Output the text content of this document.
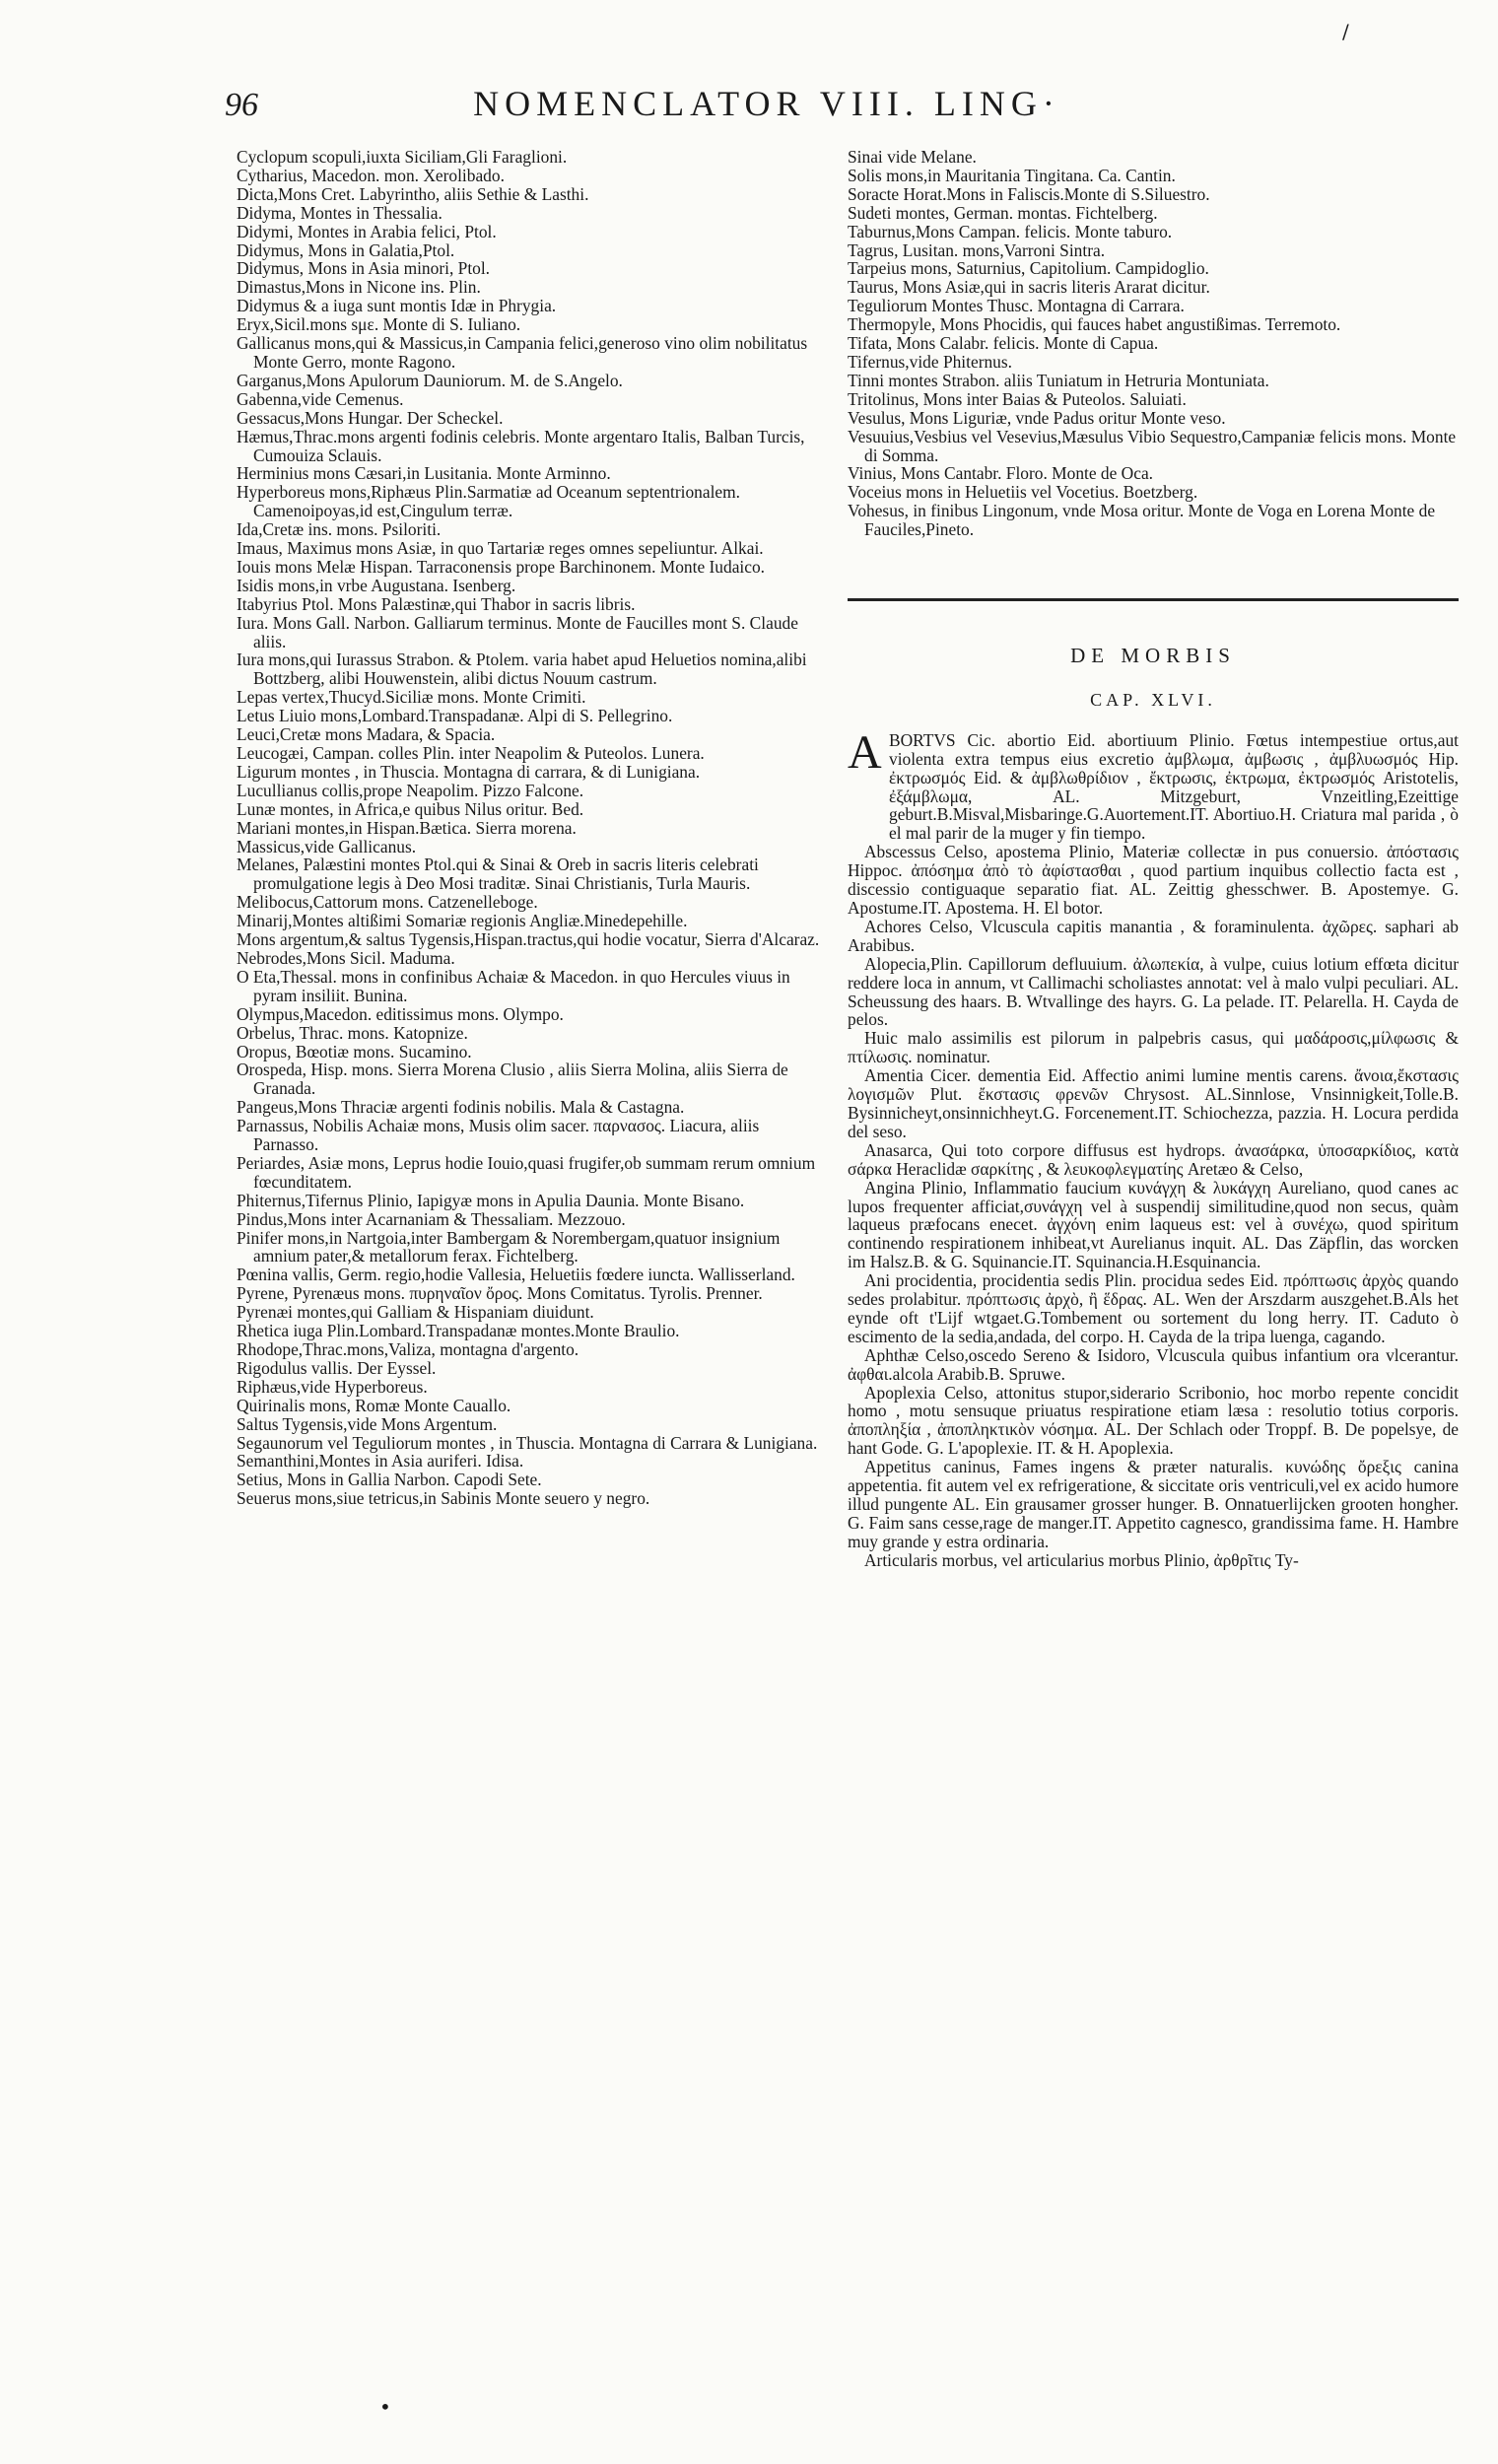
/
96	NOMENCLATOR VIII. LING·

Cyclopum scopuli,iuxta Siciliam,Gli Faraglioni.

Cytharius, Macedon. mon. Xerolibado.

Dicta,Mons Cret. Labyrinthο, aliis Sethie & Lasthi.

Didyma, Montes in Thessalia.

Didymi, Montes in Arabia felici, Ptol.

Didymus, Mons in Galatia,Ptol.

Didymus, Mons in Asia minori, Ptol.

Dimastus,Mons in Nicone ins. Plin.

Didymus & a iuga sunt montis Idæ in Phrygia.

Eryx,Sicil.mons sμε. Monte di S. Iuliano.

Gallicanus mons,qui & Massicus,in Campania felici,generoso vino olim nobilitatus Monte Gerro, monte Ragono.

Garganus,Mons Apulorum Dauniorum. M. de S.Angelo.

Gabenna,vide Cemenus.

Gessacus,Mons Hungar. Der Scheckel.

Hæmus,Thrac.mons argenti fodinis celebris. Monte argentaro Italis, Balban Turcis, Cumouiza Sclauis.

Herminius mons Cæsari,in Lusitania. Monte Arminno.

Hyperboreus mons,Riphæus Plin.Sarmatiæ ad Oceanum septentrionalem. Camenoipoyas,id est,Cingulum terræ.

Ida,Cretæ ins. mons. Psiloriti.

Imaus, Maximus mons Asiæ, in quo Tartariæ reges omnes sepeliuntur. Alkai.

Iouis mons Melæ Hispan. Tarraconensis prope Barchinonem. Monte Iudaico.

Isidis mons,in vrbe Augustana. Isenberg.

Itabyrius Ptol. Mons Palæstinæ,qui Thabor in sacris libris.

Iura. Mons Gall. Narbon. Galliarum terminus. Monte de Faucilles mont S. Claude aliis.

Iura mons,qui Iurassus Strabon. & Ptolem. varia habet apud Heluetios nomina,alibi Bottzberg, alibi Houwenstein, alibi dictus Nouum castrum.

Lepas vertex,Thucyd.Siciliæ mons. Monte Crimiti.

Letus Liuio mons,Lombard.Transpadanæ. Alpi di S. Pellegrino.

Leuci,Cretæ mons Madara, & Spacia.

Leucogæi, Campan. colles Plin. inter Neapolim & Puteolos. Lunera.

Ligurum montes , in Thuscia. Montagna di carrara, & di Lunigiana.

Lucullianus collis,prope Neapolim. Pizzo Falcone.

Lunæ montes, in Africa,e quibus Nilus oritur. Bed.

Mariani montes,in Hispan.Bætica. Sierra morena.

Massicus,vide Gallicanus.

Melanes, Palæstini montes Ptol.qui & Sinai & Oreb in sacris literis celebrati promulgatione legis à Deo Mosi traditæ. Sinai Christianis, Turla Mauris.

Melibocus,Cattorum mons. Catzenelleboge.

Minarij,Montes altißimi Somariæ regionis Angliæ.Minedepehille.

Mons argentum,& saltus Tygensis,Hispan.tractus,qui hodie vocatur, Sierra d'Alcaraz.

Nebrodes,Mons Sicil. Maduma.

O Eta,Thessal. mons in confinibus Achaiæ & Macedon. in quo Hercules viuus in pyram insiliit. Bunina.

Olympus,Macedon. editissimus mons. Olympo.

Orbelus, Thrac. mons. Katopnize.

Oropus, Bœotiæ mons. Sucamino.

Orospeda, Hisp. mons. Sierra Morena Clusio , aliis Sierra Molina, aliis Sierra de Granada.

Pangeus,Mons Thraciæ argenti fodinis nobilis. Mala & Castagna.

Parnassus, Nobilis Achaiæ mons, Musis olim sacer. παρνασος. Liacura, aliis Parnasso.

Periardes, Asiæ mons, Leprus hodie Iouio,quasi frugifer,ob summam rerum omnium fœcunditatem.

Phiternus,Tifernus Plinio, Iapigyæ mons in Apulia Daunia. Monte Bisano.

Pindus,Mons inter Acarnaniam & Thessaliam. Mezzouo.

Pinifer mons,in Nartgoia,inter Bambergam & Norembergam,quatuor insignium amnium pater,& metallorum ferax. Fichtelberg.

Pœnina vallis, Germ. regio,hodie Vallesia, Heluetiis fœdere iuncta. Wallisserland.

Pyrene, Pyrenæus mons. πυρηναῖον ὄρος. Mons Comitatus. Tyrolis. Prenner.

Pyrenæi montes,qui Galliam & Hispaniam diuidunt.

Rhetica iuga Plin.Lombard.Transpadanæ montes.Monte Braulio.

Rhodope,Thrac.mons,Valiza, montagna d'argento.

Rigodulus vallis. Der Eyssel.

Riphæus,vide Hyperboreus.

Quirinalis mons, Romæ Monte Cauallo.

Saltus Tygensis,vide Mons Argentum.

Segaunorum vel Teguliorum montes , in Thuscia. Montagna di Carrara & Lunigiana.

Semanthini,Montes in Asia auriferi. Idisa.

Setius, Mons in Gallia Narbon. Capodi Sete.

Seuerus mons,siue tetricus,in Sabinis Monte seuero y negro.

Sinai vide Melane.

Solis mons,in Mauritania Tingitana. Ca. Cantin.

Soracte Horat.Mons in Faliscis.Monte di S.Siluestro.

Sudeti montes, German. montas. Fichtelberg.

Taburnus,Mons Campan. felicis. Monte taburo.

Tagrus, Lusitan. mons,Varroni Sintra.

Tarpeius mons, Saturnius, Capitolium. Campidoglio.

Taurus, Mons Asiæ,qui in sacris literis Ararat dicitur.

Teguliorum Montes Thusc. Montagna di Carrara.

Thermopyle, Mons Phocidis, qui fauces habet angustißimas. Terremoto.

Tifata, Mons Calabr. felicis. Monte di Capua.

Tifernus,vide Phiternus.

Tinni montes Strabon. aliis Tuniatum in Hetruria Montuniata.

Tritolinus, Mons inter Baias & Puteolos. Saluiati.

Vesulus, Mons Liguriæ, vnde Padus oritur Monte veso.

Vesuuius,Vesbius vel Vesevius,Mæsulus Vibio Sequestro,Campaniæ felicis mons. Monte di Somma.

Vinius, Mons Cantabr. Floro. Monte de Oca.

Voceius mons in Heluetiis vel Vocetius. Boetzberg.

Vohesus, in finibus Lingonum, vnde Mosa oritur. Monte de Voga en Lorena Monte de Fauciles,Pineto.

DE MORBIS
CAP. XLVI.

A BORTVS Cic. abortio Eid. abortiuum Plinio. Fœtus intempestiue ortus,aut violenta extra tempus eius excretio ἀμβλωμα, ἀμβωσις , ἀμβλυωσμός Hip. ἐκτρωσμός Eid. & ἀμβλωθρίδιον , ἔκτρωσις, ἐκτρωμα, ἐκτρωσμός Aristotelis, ἐξάμβλωμα, AL. Mitzgeburt, Vnzeitling,Ezeittige geburt.B.Misval,Misbaringe.G.Auortement.IT. Abortiuo.H. Criatura mal parida , ò el mal parir de la muger y fin tiempo.

Abscessus Celso, apostema Plinio, Materiæ collectæ in pus conuersio. ἀπόστασις Hippoc. ἀπόσημα ἀπὸ τὸ ἀφίστασθαι , quod partium inquibus collectio facta est , discessio contiguaque separatio fiat. AL. Zeittig ghesschwer. B. Apostemye. G. Apostume.IT. Apostema. H. El botor.

Achores Celso, Vlcuscula capitis manantia , & foraminulenta. ἀχῶρες. saphari ab Arabibus.

Alopecia,Plin. Capillorum defluuium. ἀλωπεκία, à vulpe, cuius lotium effœta dicitur reddere loca in annum, vt Callimachi scholiastes annotat: vel à malo vulpi peculiari. AL. Scheussung des haars. B. Wtvallinge des hayrs. G. La pelade. IT. Pelarella. H. Cayda de pelos.

Huic malo assimilis est pilorum in palpebris casus, qui μαδάροσις,μίλφωσις & πτίλωσις. nominatur.

Amentia Cicer. dementia Eid. Affectio animi lumine mentis carens. ἄνοια,ἔκστασις λογισμῶν Plut. ἔκστασις φρενῶν Chrysost. AL.Sinnlose, Vnsinnigkeit,Tolle.B. Bysinnicheyt,onsinnichheyt.G. Forcenement.IT. Schiochezza, pazzia. H. Locura perdida del seso.

Anasarca, Qui toto corpore diffusus est hydrops. ἀνασάρκα, ὑποσαρκίδιος, κατὰ σάρκα Heraclidæ σαρκίτης , & λευκοφλεγματίης Aretæo & Celso,

Angina Plinio, Inflammatio faucium κυνάγχη & λυκάγχη Aureliano, quod canes ac lupos frequenter afficiat,συνάγχη vel à suspendij similitudine,quod non secus, quàm laqueus præfocans enecet. ἀγχόνη enim laqueus est: vel à συνέχω, quod spiritum continendo respirationem inhibeat,vt Aurelianus inquit. AL. Das Zäpflin, das worcken im Halsz.B. & G. Squinancie.IT. Squinancia.H.Esquinancia.

Ani procidentia, procidentia sedis Plin. procidua sedes Eid. πρόπτωσις ἀρχὸς quando sedes prolabitur. πρόπτωσις ἀρχὸ, ἢ ἕδρας. AL. Wen der Arszdarm auszgehet.B.Als het eynde oft t'Lijf wtgaet.G.Tombement ou sortement du long herry. IT. Caduto ò escimento de la sedia,andada, del corpo. H. Cayda de la tripa luenga, cagando.

Aphthæ Celso,oscedo Sereno & Isidoro, Vlcuscula quibus infantium ora vlcerantur. ἀφθαι.alcola Arabib.B. Spruwe.

Apoplexia Celso, attonitus stupor,siderario Scribonio, hoc morbo repente concidit homo , motu sensuque priuatus respiratione etiam læsa : resolutio totius corporis. ἀποπληξία , ἀποπληκτικὸν νόσημα. AL. Der Schlach oder Troppf. B. De popelsye, de hant Gode. G. L'apoplexie. IT. & H. Apoplexia.

Appetitus caninus, Fames ingens & præter naturalis. κυνώδης ὄρεξις canina appetentia. fit autem vel ex refrigeratione, & siccitate oris ventriculi,vel ex acido humore illud pungente AL. Ein grausamer grosser hunger. B. Onnatuerlijcken grooten hongher. G. Faim sans cesse,rage de manger.IT. Appetito cagnesco, grandissima fame. H. Hambre muy grande y estra ordinaria.

Articularis morbus, vel articularius morbus Plinio, ἀρθρῖτις Ty-

•
